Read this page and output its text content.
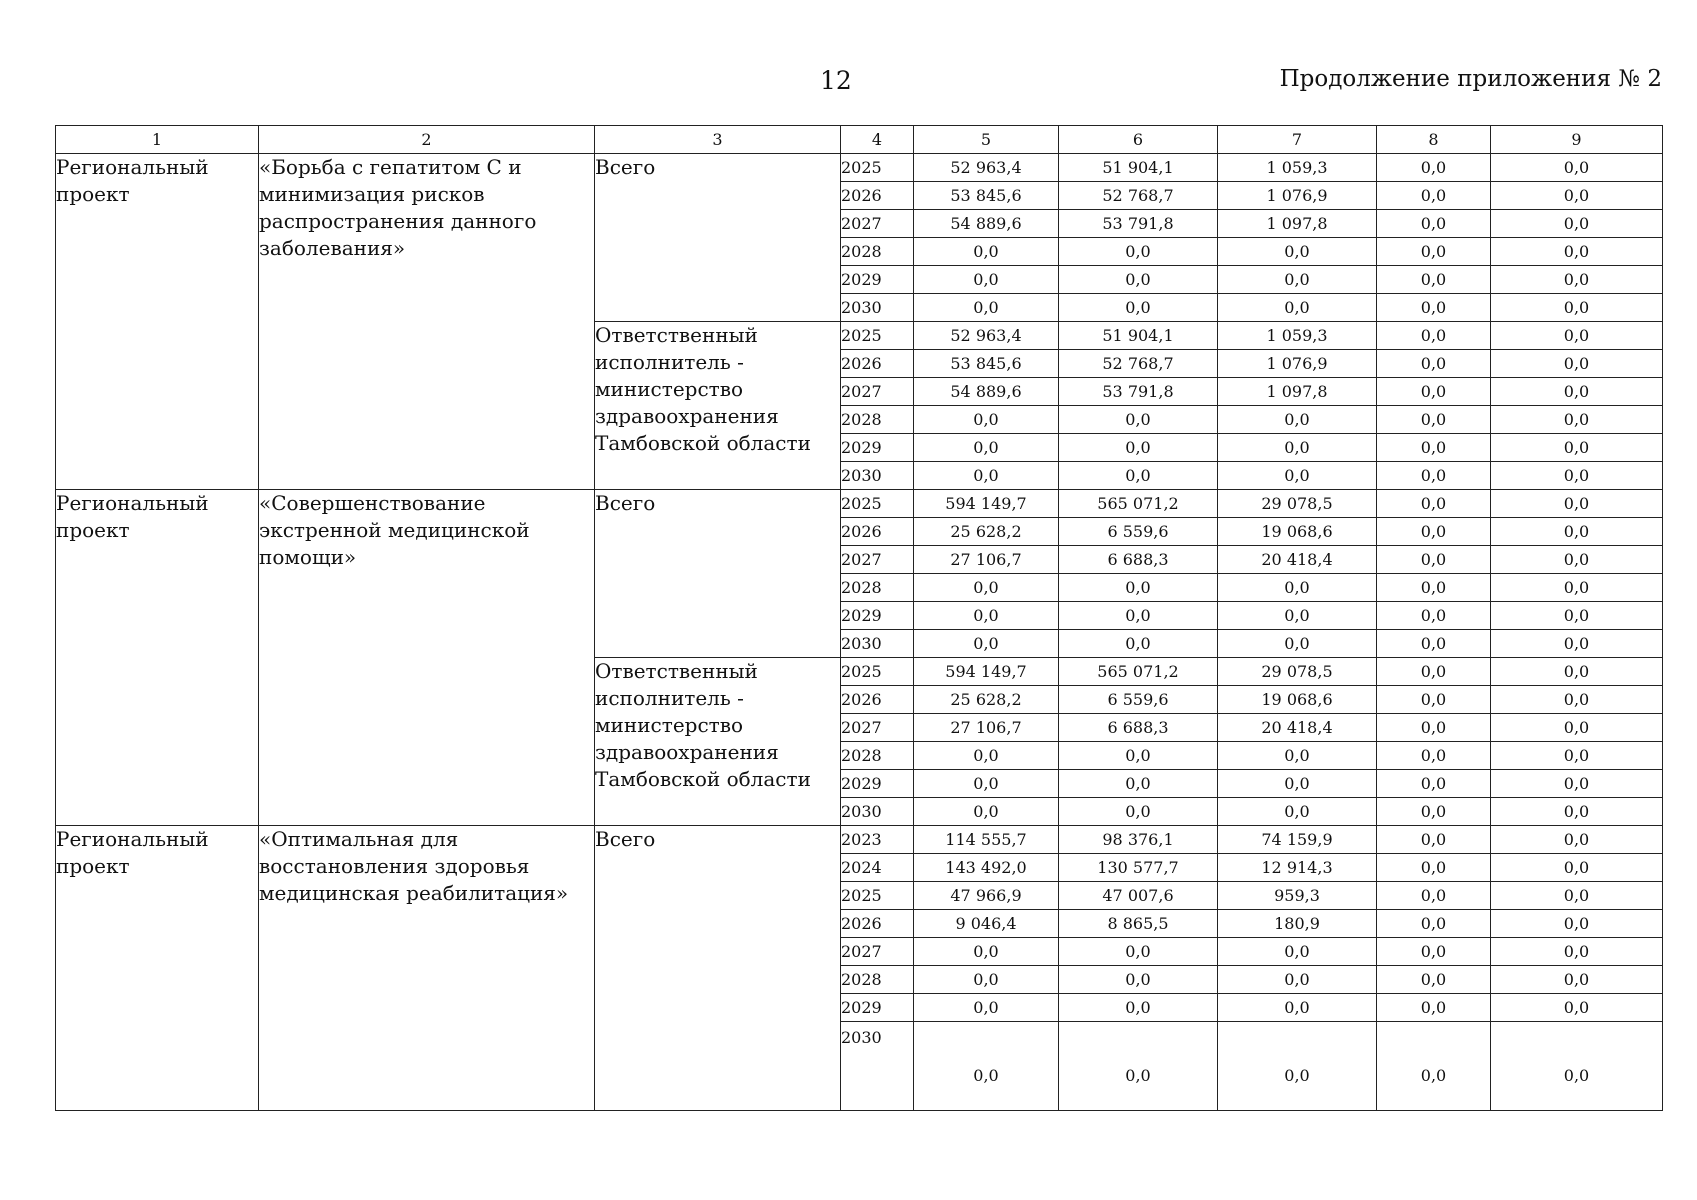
12	Продолжение приложения № 2
1	2	3	4	5	6	7	8	9
Региональный проект	«Борьба с гепатитом С и минимизация рисков распространения данного заболевания»	Всего	2025	52 963,4	51 904,1	1 059,3	0,0	0,0
			2026	53 845,6	52 768,7	1 076,9	0,0	0,0
			2027	54 889,6	53 791,8	1 097,8	0,0	0,0
			2028	0,0	0,0	0,0	0,0	0,0
			2029	0,0	0,0	0,0	0,0	0,0
			2030	0,0	0,0	0,0	0,0	0,0
		Ответственный исполнитель - министерство здравоохранения Тамбовской области	2025	52 963,4	51 904,1	1 059,3	0,0	0,0
			2026	53 845,6	52 768,7	1 076,9	0,0	0,0
			2027	54 889,6	53 791,8	1 097,8	0,0	0,0
			2028	0,0	0,0	0,0	0,0	0,0
			2029	0,0	0,0	0,0	0,0	0,0
			2030	0,0	0,0	0,0	0,0	0,0
Региональный проект	«Совершенствование экстренной медицинской помощи»	Всего	2025	594 149,7	565 071,2	29 078,5	0,0	0,0
			2026	25 628,2	6 559,6	19 068,6	0,0	0,0
			2027	27 106,7	6 688,3	20 418,4	0,0	0,0
			2028	0,0	0,0	0,0	0,0	0,0
			2029	0,0	0,0	0,0	0,0	0,0
			2030	0,0	0,0	0,0	0,0	0,0
		Ответственный исполнитель - министерство здравоохранения Тамбовской области	2025	594 149,7	565 071,2	29 078,5	0,0	0,0
			2026	25 628,2	6 559,6	19 068,6	0,0	0,0
			2027	27 106,7	6 688,3	20 418,4	0,0	0,0
			2028	0,0	0,0	0,0	0,0	0,0
			2029	0,0	0,0	0,0	0,0	0,0
			2030	0,0	0,0	0,0	0,0	0,0
Региональный проект	«Оптимальная для восстановления здоровья медицинская реабилитация»	Всего	2023	114 555,7	98 376,1	74 159,9	0,0	0,0
			2024	143 492,0	130 577,7	12 914,3	0,0	0,0
			2025	47 966,9	47 007,6	959,3	0,0	0,0
			2026	9 046,4	8 865,5	180,9	0,0	0,0
			2027	0,0	0,0	0,0	0,0	0,0
			2028	0,0	0,0	0,0	0,0	0,0
			2029	0,0	0,0	0,0	0,0	0,0
			2030	0,0	0,0	0,0	0,0	0,0
